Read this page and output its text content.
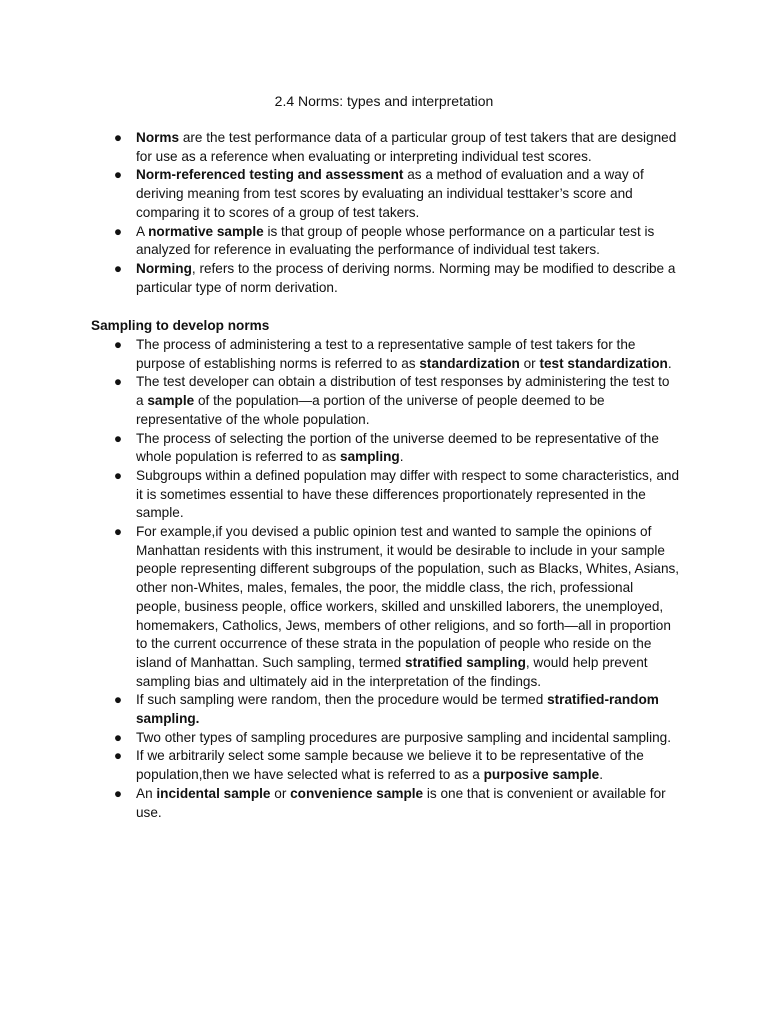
2.4 Norms: types and interpretation
● Norms are the test performance data of a particular group of test takers that are designed for use as a reference when evaluating or interpreting individual test scores.
● Norm-referenced testing and assessment as a method of evaluation and a way of deriving meaning from test scores by evaluating an individual testtaker’s score and comparing it to scores of a group of test takers.
● A normative sample is that group of people whose performance on a particular test is analyzed for reference in evaluating the performance of individual test takers.
● Norming, refers to the process of deriving norms. Norming may be modified to describe a particular type of norm derivation.
Sampling to develop norms
● The process of administering a test to a representative sample of test takers for the purpose of establishing norms is referred to as standardization or test standardization.
● The test developer can obtain a distribution of test responses by administering the test to a sample of the population—a portion of the universe of people deemed to be representative of the whole population.
● The process of selecting the portion of the universe deemed to be representative of the whole population is referred to as sampling.
● Subgroups within a defined population may differ with respect to some characteristics, and it is sometimes essential to have these differences proportionately represented in the sample.
● For example,if you devised a public opinion test and wanted to sample the opinions of Manhattan residents with this instrument, it would be desirable to include in your sample people representing different subgroups of the population, such as Blacks, Whites, Asians, other non-Whites, males, females, the poor, the middle class, the rich, professional people, business people, office workers, skilled and unskilled laborers, the unemployed, homemakers, Catholics, Jews, members of other religions, and so forth—all in proportion to the current occurrence of these strata in the population of people who reside on the island of Manhattan. Such sampling, termed stratified sampling, would help prevent sampling bias and ultimately aid in the interpretation of the findings.
● If such sampling were random, then the procedure would be termed stratified-random sampling.
● Two other types of sampling procedures are purposive sampling and incidental sampling.
● If we arbitrarily select some sample because we believe it to be representative of the population,then we have selected what is referred to as a purposive sample.
● An incidental sample or convenience sample is one that is convenient or available for use.
